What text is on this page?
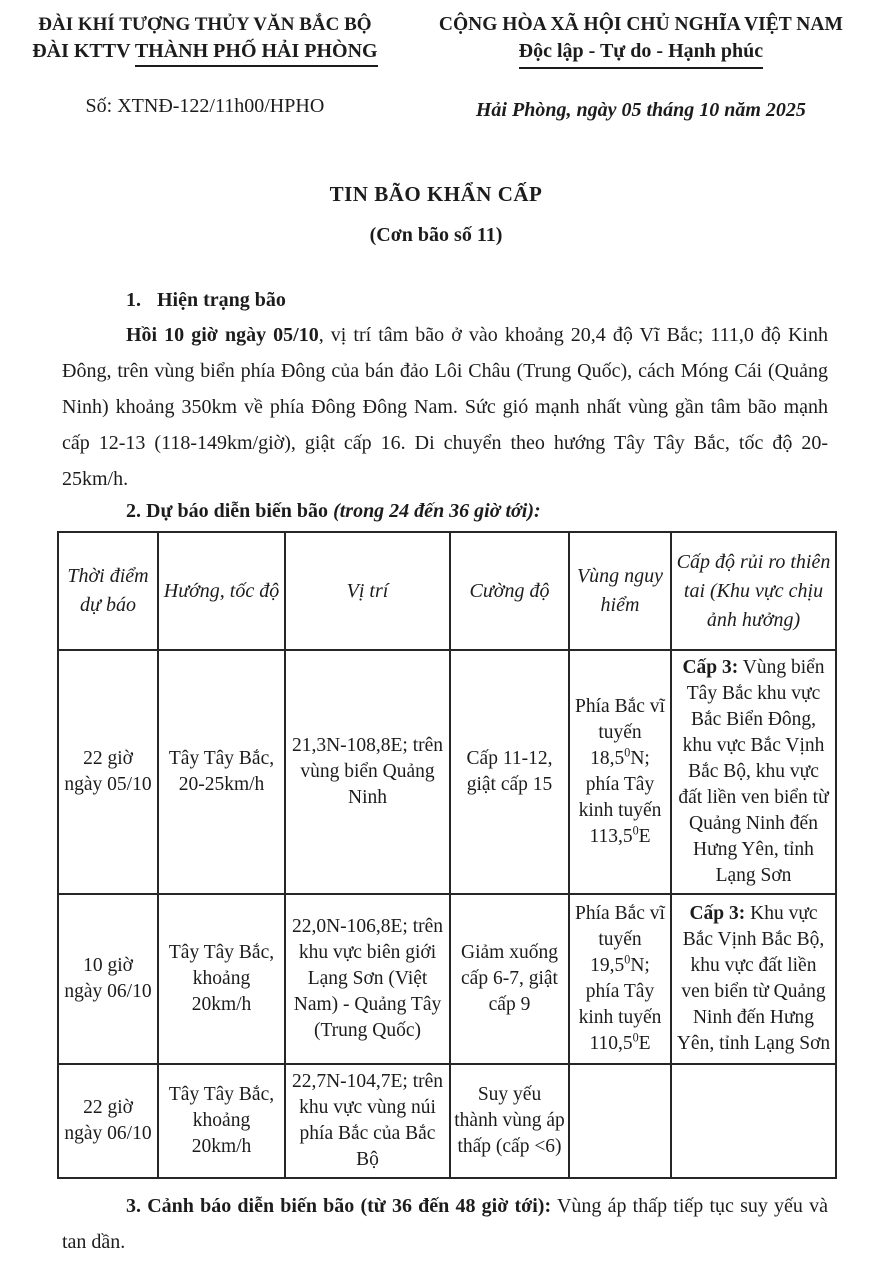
ĐÀI KHÍ TƯỢNG THỦY VĂN BẮC BỘ
ĐÀI KTTV THÀNH PHỐ HẢI PHÒNG
Số: XTNĐ-122/11h00/HPHO
CỘNG HÒA XÃ HỘI CHỦ NGHĨA VIỆT NAM
Độc lập - Tự do - Hạnh phúc
Hải Phòng, ngày 05 tháng 10 năm 2025
TIN BÃO KHẨN CẤP
(Cơn bão số 11)
1. Hiện trạng bão
Hồi 10 giờ ngày 05/10, vị trí tâm bão ở vào khoảng 20,4 độ Vĩ Bắc; 111,0 độ Kinh Đông, trên vùng biển phía Đông của bán đảo Lôi Châu (Trung Quốc), cách Móng Cái (Quảng Ninh) khoảng 350km về phía Đông Đông Nam. Sức gió mạnh nhất vùng gần tâm bão mạnh cấp 12-13 (118-149km/giờ), giật cấp 16. Di chuyển theo hướng Tây Tây Bắc, tốc độ 20-25km/h.
2. Dự báo diễn biến bão (trong 24 đến 36 giờ tới):
Thời điểm dự báo	Hướng, tốc độ	Vị trí	Cường độ	Vùng nguy hiểm	Cấp độ rủi ro thiên tai (Khu vực chịu ảnh hưởng)
22 giờ ngày 05/10	Tây Tây Bắc, 20-25km/h	21,3N-108,8E; trên vùng biển Quảng Ninh	Cấp 11-12, giật cấp 15	Phía Bắc vĩ tuyến 18,5$^0$N; phía Tây kinh tuyến 113,5$^0$E	Cấp 3: Vùng biển Tây Bắc khu vực Bắc Biển Đông, khu vực Bắc Vịnh Bắc Bộ, khu vực đất liền ven biển từ Quảng Ninh đến Hưng Yên, tỉnh Lạng Sơn
10 giờ ngày 06/10	Tây Tây Bắc, khoảng 20km/h	22,0N-106,8E; trên khu vực biên giới Lạng Sơn (Việt Nam) - Quảng Tây (Trung Quốc)	Giảm xuống cấp 6-7, giật cấp 9	Phía Bắc vĩ tuyến 19,5$^0$N; phía Tây kinh tuyến 110,5$^0$E	Cấp 3: Khu vực Bắc Vịnh Bắc Bộ, khu vực đất liền ven biển từ Quảng Ninh đến Hưng Yên, tỉnh Lạng Sơn
22 giờ ngày 06/10	Tây Tây Bắc, khoảng 20km/h	22,7N-104,7E; trên khu vực vùng núi phía Bắc của Bắc Bộ	Suy yếu thành vùng áp thấp (cấp <6)		
3. Cảnh báo diễn biến bão (từ 36 đến 48 giờ tới): Vùng áp thấp tiếp tục suy yếu và tan dần.
